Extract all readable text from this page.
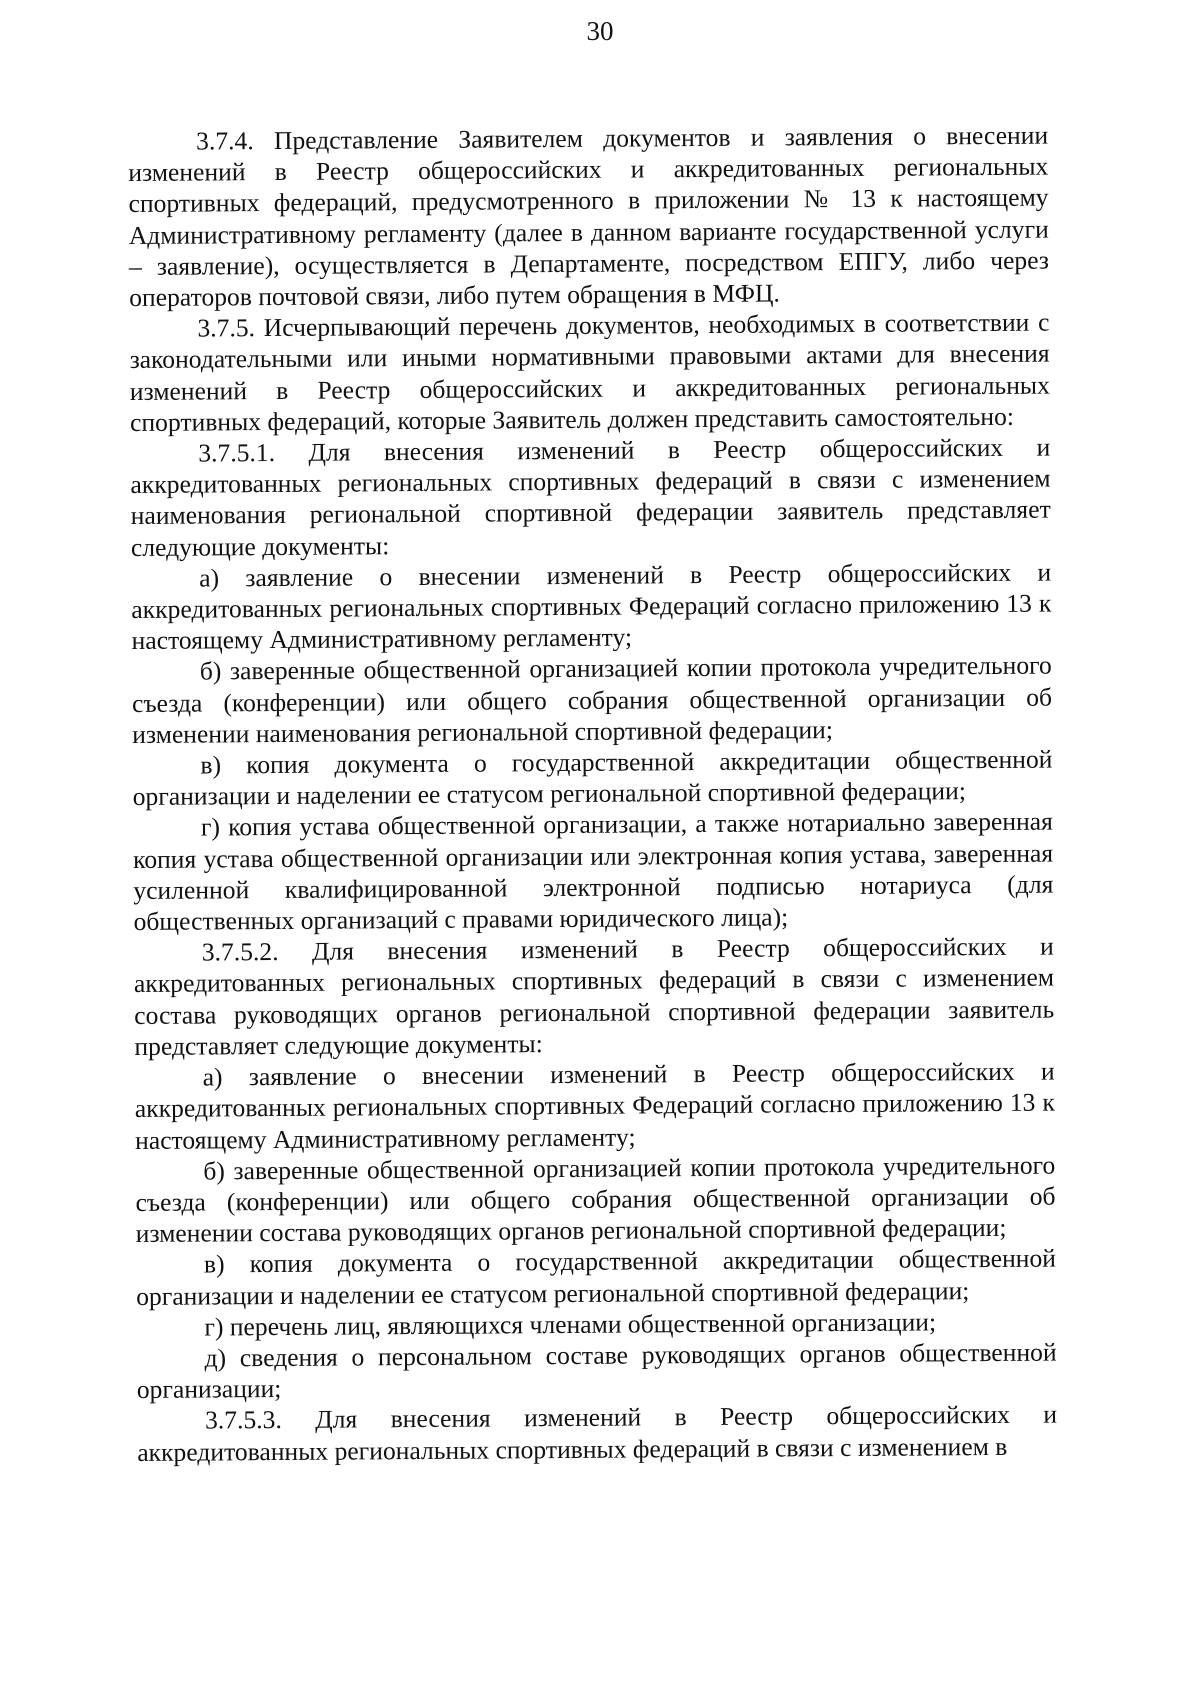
30

3.7.4. Представление Заявителем документов и заявления о внесении изменений в Реестр общероссийских и аккредитованных региональных спортивных федераций, предусмотренного в приложении № 13 к настоящему Административному регламенту (далее в данном варианте государственной услуги – заявление), осуществляется в Департаменте, посредством ЕПГУ, либо через операторов почтовой связи, либо путем обращения в МФЦ.

3.7.5. Исчерпывающий перечень документов, необходимых в соответствии с законодательными или иными нормативными правовыми актами для внесения изменений в Реестр общероссийских и аккредитованных региональных спортивных федераций, которые Заявитель должен представить самостоятельно:

3.7.5.1. Для внесения изменений в Реестр общероссийских и аккредитованных региональных спортивных федераций в связи с изменением наименования региональной спортивной федерации заявитель представляет следующие документы:

а) заявление о внесении изменений в Реестр общероссийских и аккредитованных региональных спортивных Федераций согласно приложению 13 к настоящему Административному регламенту;

б) заверенные общественной организацией копии протокола учредительного съезда (конференции) или общего собрания общественной организации об изменении наименования региональной спортивной федерации;

в) копия документа о государственной аккредитации общественной организации и наделении ее статусом региональной спортивной федерации;

г) копия устава общественной организации, а также нотариально заверенная копия устава общественной организации или электронная копия устава, заверенная усиленной квалифицированной электронной подписью нотариуса (для общественных организаций с правами юридического лица);

3.7.5.2. Для внесения изменений в Реестр общероссийских и аккредитованных региональных спортивных федераций в связи с изменением состава руководящих органов региональной спортивной федерации заявитель представляет следующие документы:

а) заявление о внесении изменений в Реестр общероссийских и аккредитованных региональных спортивных Федераций согласно приложению 13 к настоящему Административному регламенту;

б) заверенные общественной организацией копии протокола учредительного съезда (конференции) или общего собрания общественной организации об изменении состава руководящих органов региональной спортивной федерации;

в) копия документа о государственной аккредитации общественной организации и наделении ее статусом региональной спортивной федерации;

г) перечень лиц, являющихся членами общественной организации;

д) сведения о персональном составе руководящих органов общественной организации;

3.7.5.3. Для внесения изменений в Реестр общероссийских и аккредитованных региональных спортивных федераций в связи с изменением в
